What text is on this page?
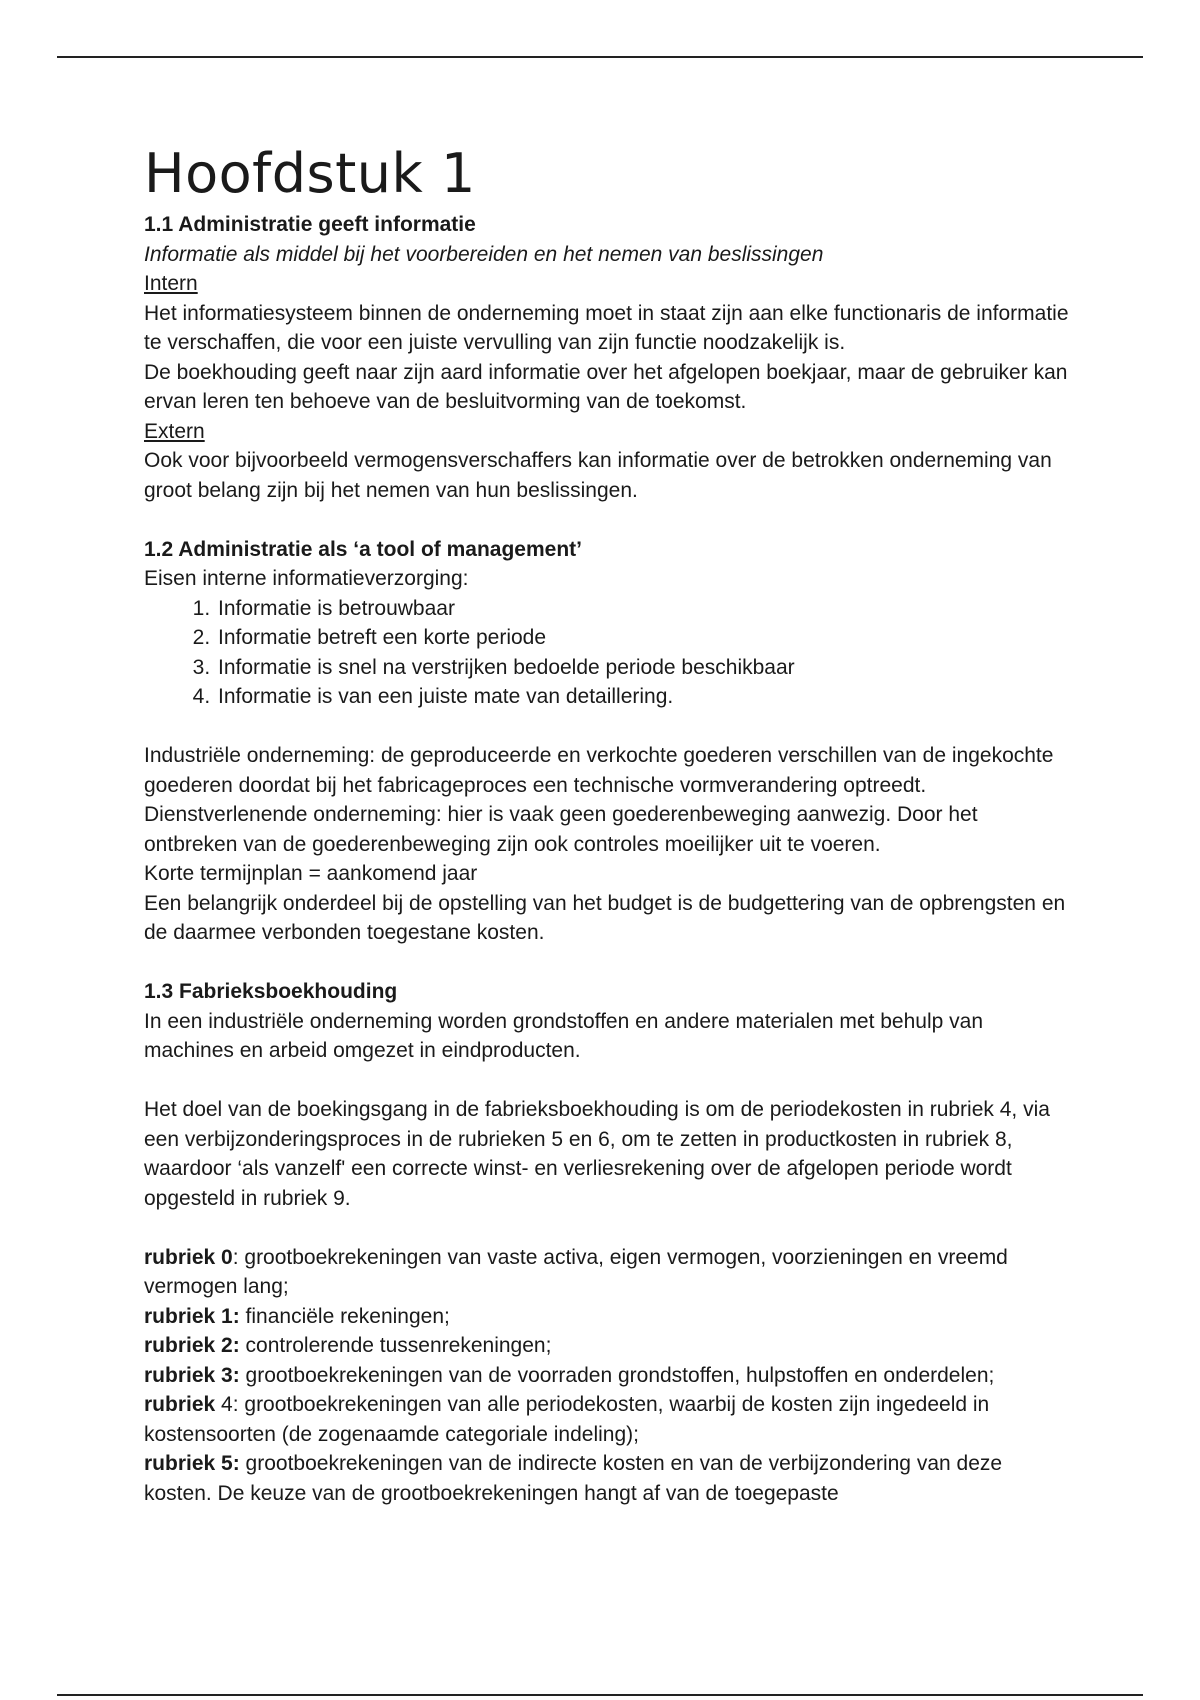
Hoofdstuk 1

1.1 Administratie geeft informatie

Informatie als middel bij het voorbereiden en het nemen van beslissingen

Intern

Het informatiesysteem binnen de onderneming moet in staat zijn aan elke functionaris de informatie te verschaffen, die voor een juiste vervulling van zijn functie noodzakelijk is.

De boekhouding geeft naar zijn aard informatie over het afgelopen boekjaar, maar de gebruiker kan ervan leren ten behoeve van de besluitvorming van de toekomst.

Extern

Ook voor bijvoorbeeld vermogensverschaffers kan informatie over de betrokken onderneming van groot belang zijn bij het nemen van hun beslissingen.

1.2 Administratie als ‘a tool of management’

Eisen interne informatieverzorging:

1. Informatie is betrouwbaar
2. Informatie betreft een korte periode
3. Informatie is snel na verstrijken bedoelde periode beschikbaar
4. Informatie is van een juiste mate van detaillering.

Industriële onderneming: de geproduceerde en verkochte goederen verschillen van de ingekochte goederen doordat bij het fabricageproces een technische vormverandering optreedt.

Dienstverlenende onderneming: hier is vaak geen goederenbeweging aanwezig. Door het ontbreken van de goederenbeweging zijn ook controles moeilijker uit te voeren.

Korte termijnplan = aankomend jaar

Een belangrijk onderdeel bij de opstelling van het budget is de budgettering van de opbrengsten en de daarmee verbonden toegestane kosten.

1.3 Fabrieksboekhouding

In een industriële onderneming worden grondstoffen en andere materialen met behulp van machines en arbeid omgezet in eindproducten.

Het doel van de boekingsgang in de fabrieksboekhouding is om de periodekosten in rubriek 4, via een verbijzonderingsproces in de rubrieken 5 en 6, om te zetten in productkosten in rubriek 8, waardoor ‘als vanzelf' een correcte winst- en verliesrekening over de afgelopen periode wordt opgesteld in rubriek 9.

rubriek 0: grootboekrekeningen van vaste activa, eigen vermogen, voorzieningen en vreemd vermogen lang;

rubriek 1: financiële rekeningen;

rubriek 2: controlerende tussenrekeningen;

rubriek 3: grootboekrekeningen van de voorraden grondstoffen, hulpstoffen en onderdelen;

rubriek 4: grootboekrekeningen van alle periodekosten, waarbij de kosten zijn ingedeeld in kostensoorten (de zogenaamde categoriale indeling);

rubriek 5: grootboekrekeningen van de indirecte kosten en van de verbijzondering van deze kosten. De keuze van de grootboekrekeningen hangt af van de toegepaste
